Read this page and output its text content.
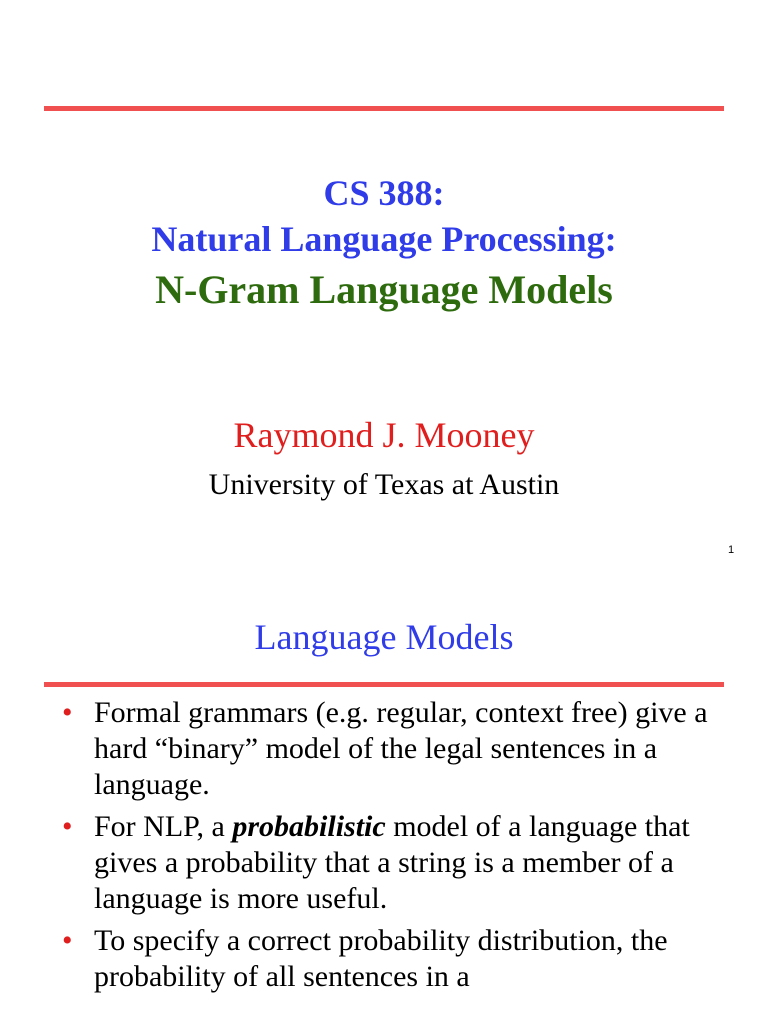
CS 388:
Natural Language Processing:
N-Gram Language Models
Raymond J. Mooney
University of Texas at Austin
1
Language Models
• Formal grammars (e.g. regular, context free) give a hard “binary” model of the legal sentences in a language.
• For NLP, a probabilistic model of a language that gives a probability that a string is a member of a language is more useful.
• To specify a correct probability distribution, the probability of all sentences in a
